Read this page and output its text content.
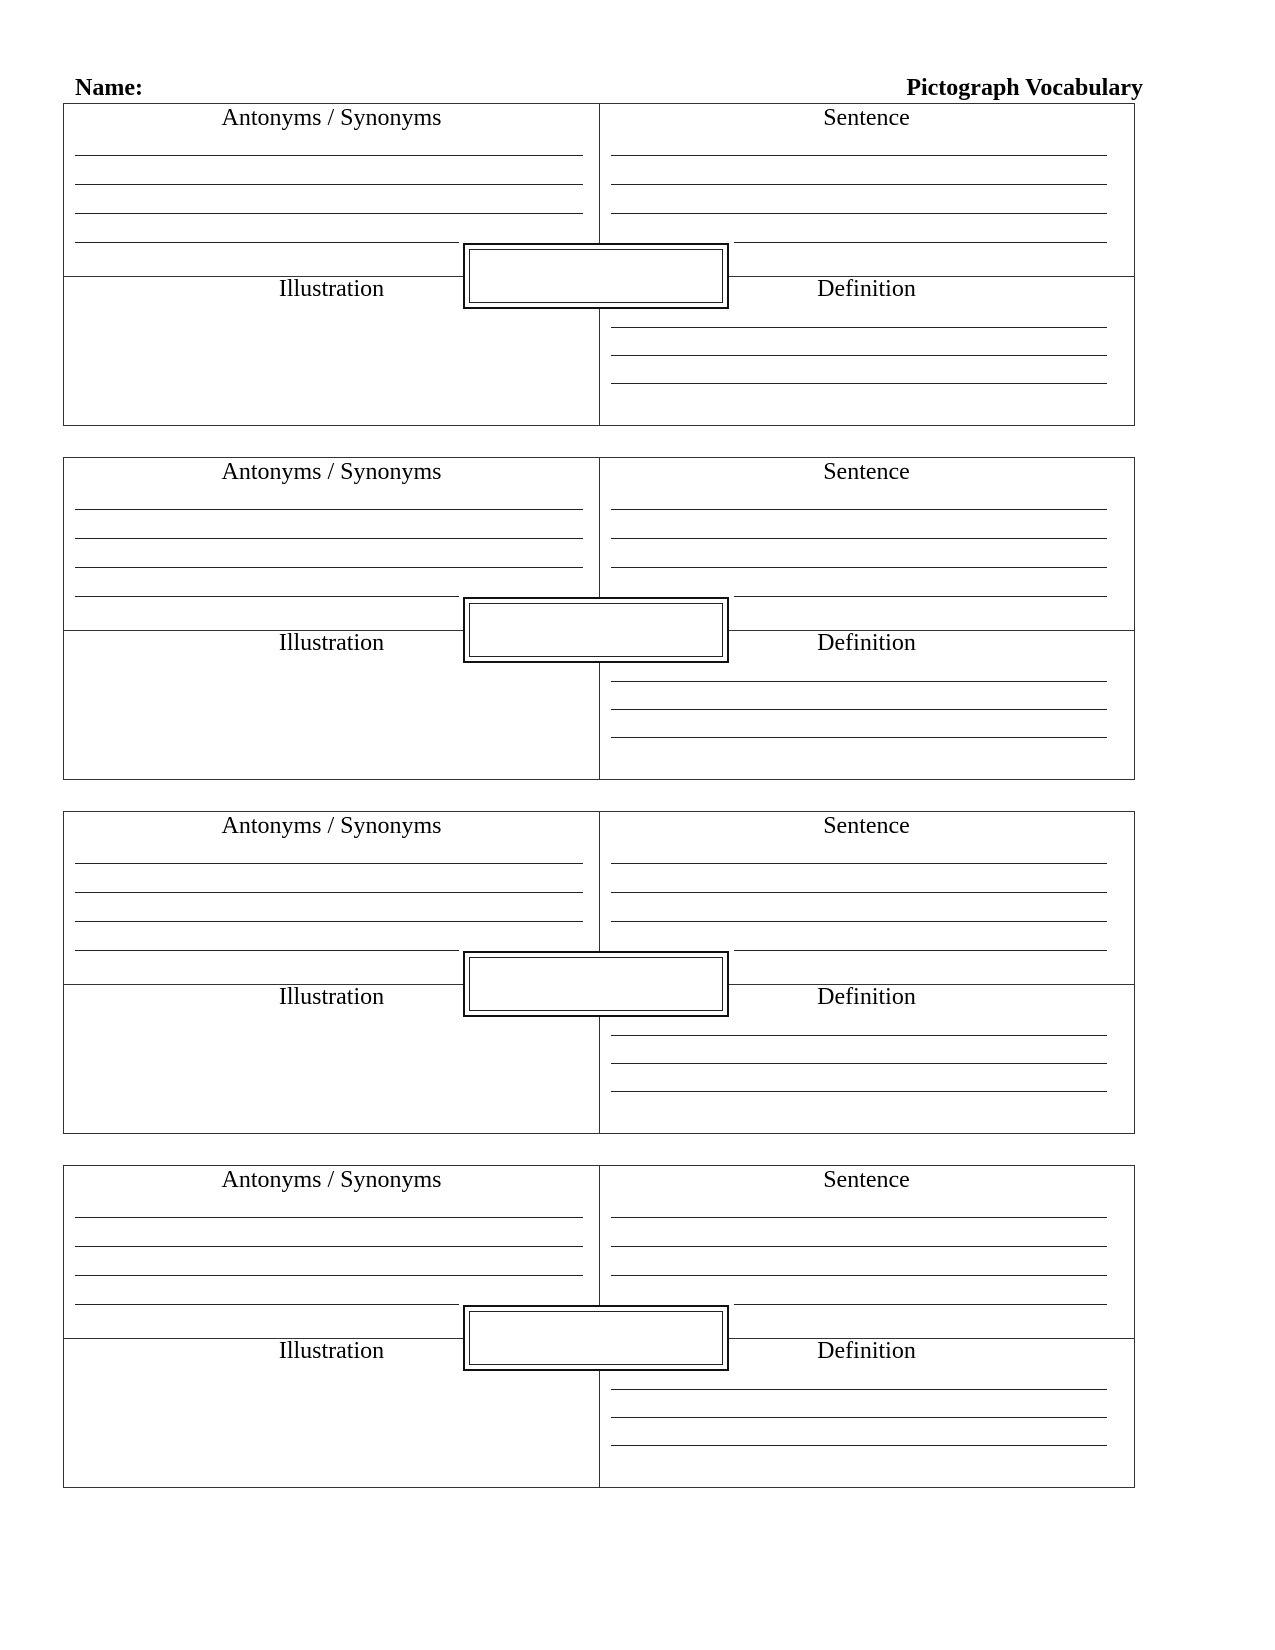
Name:	Pictograph Vocabulary
Antonyms / Synonyms	Sentence
Illustration	Definition
Antonyms / Synonyms	Sentence
Illustration	Definition
Antonyms / Synonyms	Sentence
Illustration	Definition
Antonyms / Synonyms	Sentence
Illustration	Definition
